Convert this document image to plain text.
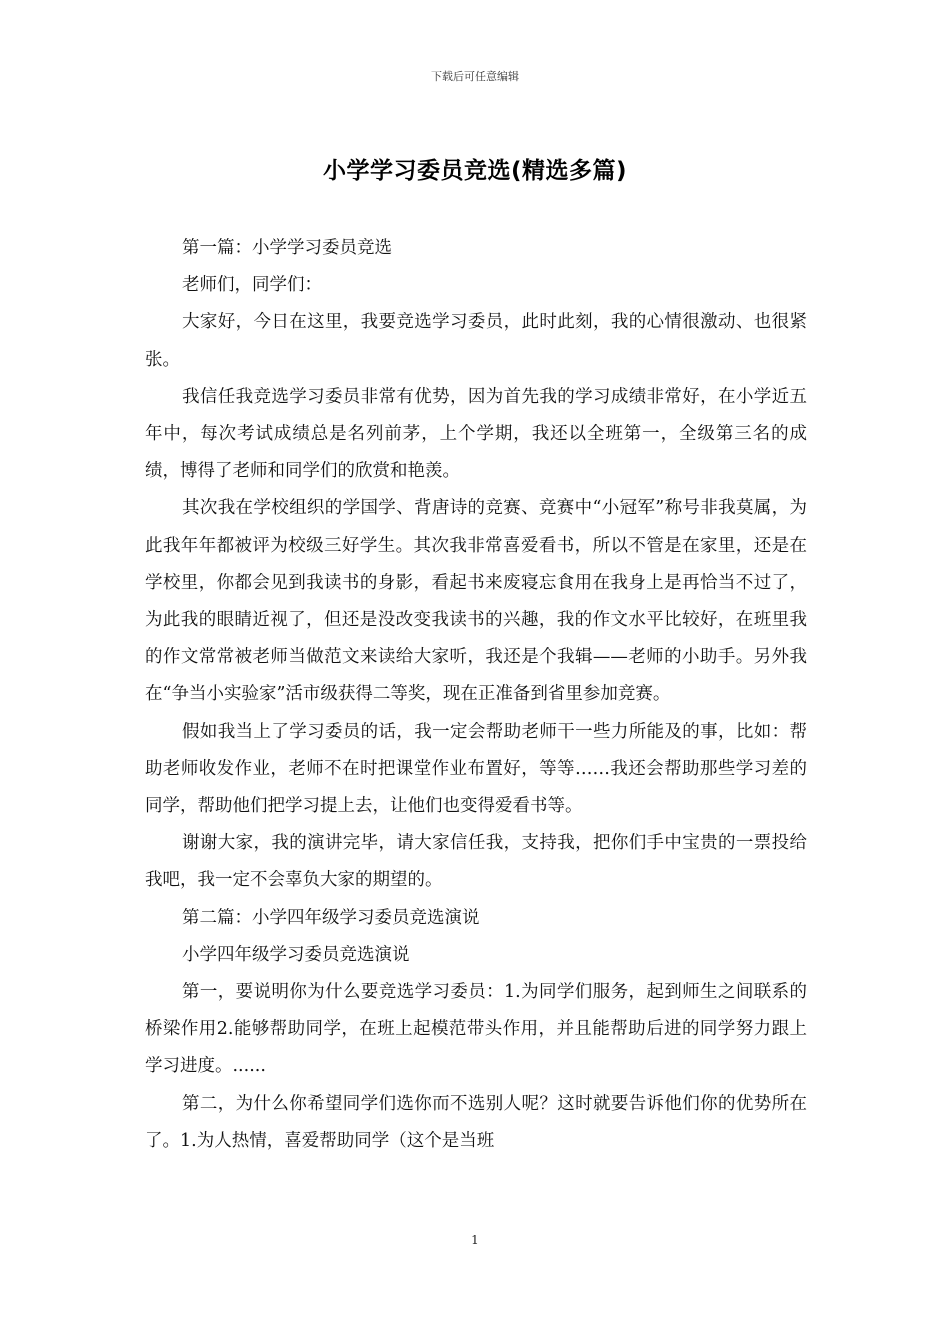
下载后可任意编辑
小学学习委员竞选(精选多篇)

第一篇：小学学习委员竞选

老师们，同学们：

大家好，今日在这里，我要竞选学习委员，此时此刻，我的心情很激动、也很紧张。

我信任我竞选学习委员非常有优势，因为首先我的学习成绩非常好，在小学近五年中，每次考试成绩总是名列前茅，上个学期，我还以全班第一，全级第三名的成绩，博得了老师和同学们的欣赏和艳羡。

其次我在学校组织的学国学、背唐诗的竞赛、竞赛中“小冠军”称号非我莫属，为此我年年都被评为校级三好学生。其次我非常喜爱看书，所以不管是在家里，还是在学校里，你都会见到我读书的身影，看起书来废寝忘食用在我身上是再恰当不过了，为此我的眼睛近视了，但还是没改变我读书的兴趣，我的作文水平比较好，在班里我的作文常常被老师当做范文来读给大家听，我还是个我辑——老师的小助手。另外我在“争当小实验家”活市级获得二等奖，现在正准备到省里参加竞赛。

假如我当上了学习委员的话，我一定会帮助老师干一些力所能及的事，比如：帮助老师收发作业，老师不在时把课堂作业布置好，等等……我还会帮助那些学习差的同学，帮助他们把学习提上去，让他们也变得爱看书等。

谢谢大家，我的演讲完毕，请大家信任我，支持我，把你们手中宝贵的一票投给我吧，我一定不会辜负大家的期望的。

第二篇：小学四年级学习委员竞选演说

小学四年级学习委员竞选演说

第一，要说明你为什么要竞选学习委员：1.为同学们服务，起到师生之间联系的桥梁作用2.能够帮助同学，在班上起模范带头作用，并且能帮助后进的同学努力跟上学习进度。......

第二，为什么你希望同学们选你而不选别人呢？这时就要告诉他们你的优势所在了。1.为人热情，喜爱帮助同学（这个是当班

1
